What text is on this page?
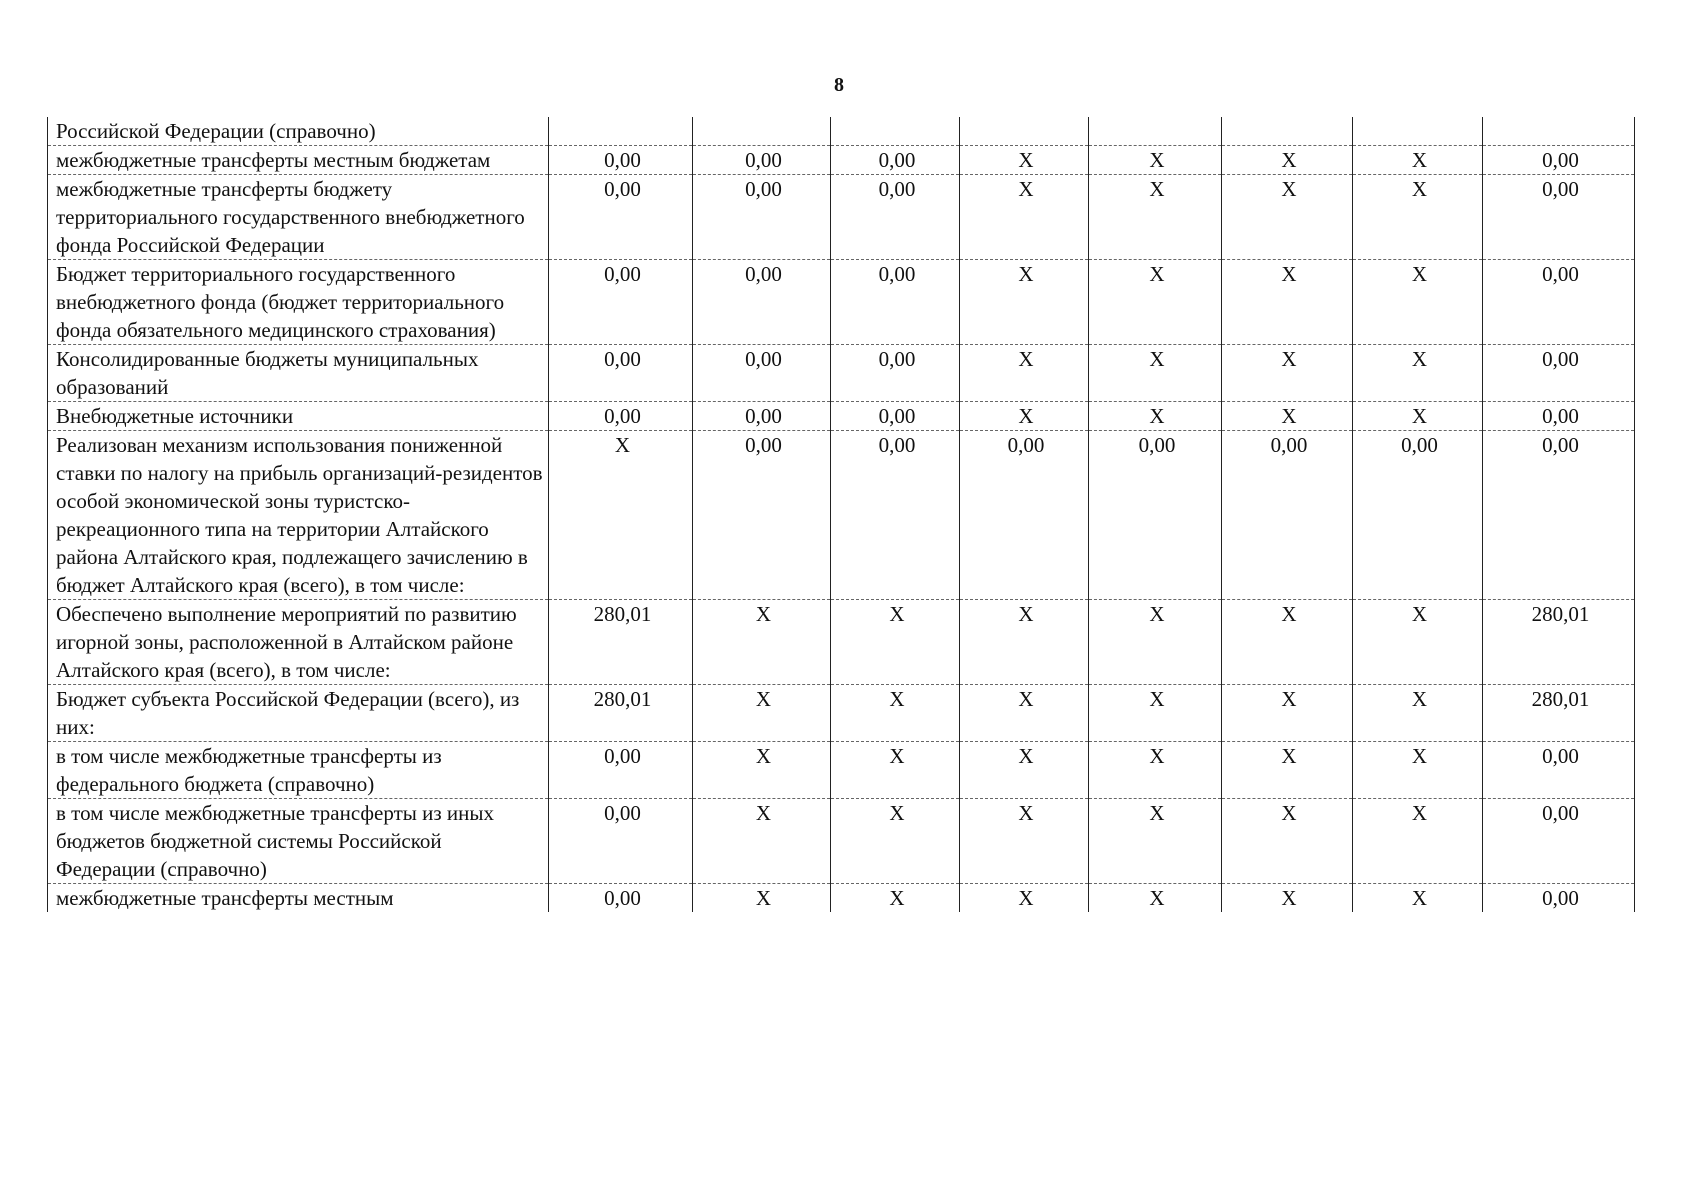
8
Российской Федерации (справочно)								
межбюджетные трансферты местным бюджетам	0,00	0,00	0,00	X	X	X	X	0,00
межбюджетные трансферты бюджету территориального государственного внебюджетного фонда Российской Федерации	0,00	0,00	0,00	X	X	X	X	0,00
Бюджет территориального государственного внебюджетного фонда (бюджет территориального фонда обязательного медицинского страхования)	0,00	0,00	0,00	X	X	X	X	0,00
Консолидированные бюджеты муниципальных образований	0,00	0,00	0,00	X	X	X	X	0,00
Внебюджетные источники	0,00	0,00	0,00	X	X	X	X	0,00
Реализован механизм использования пониженной ставки по налогу на прибыль организаций-резидентов особой экономической зоны туристско-рекреационного типа на территории Алтайского района Алтайского края, подлежащего зачислению в бюджет Алтайского края (всего), в том числе:	X	0,00	0,00	0,00	0,00	0,00	0,00	0,00
Обеспечено выполнение мероприятий по развитию игорной зоны, расположенной в Алтайском районе Алтайского края (всего), в том числе:	280,01	X	X	X	X	X	X	280,01
Бюджет субъекта Российской Федерации (всего), из них:	280,01	X	X	X	X	X	X	280,01
в том числе межбюджетные трансферты из федерального бюджета (справочно)	0,00	X	X	X	X	X	X	0,00
в том числе межбюджетные трансферты из иных бюджетов бюджетной системы Российской Федерации (справочно)	0,00	X	X	X	X	X	X	0,00
межбюджетные трансферты местным	0,00	X	X	X	X	X	X	0,00
